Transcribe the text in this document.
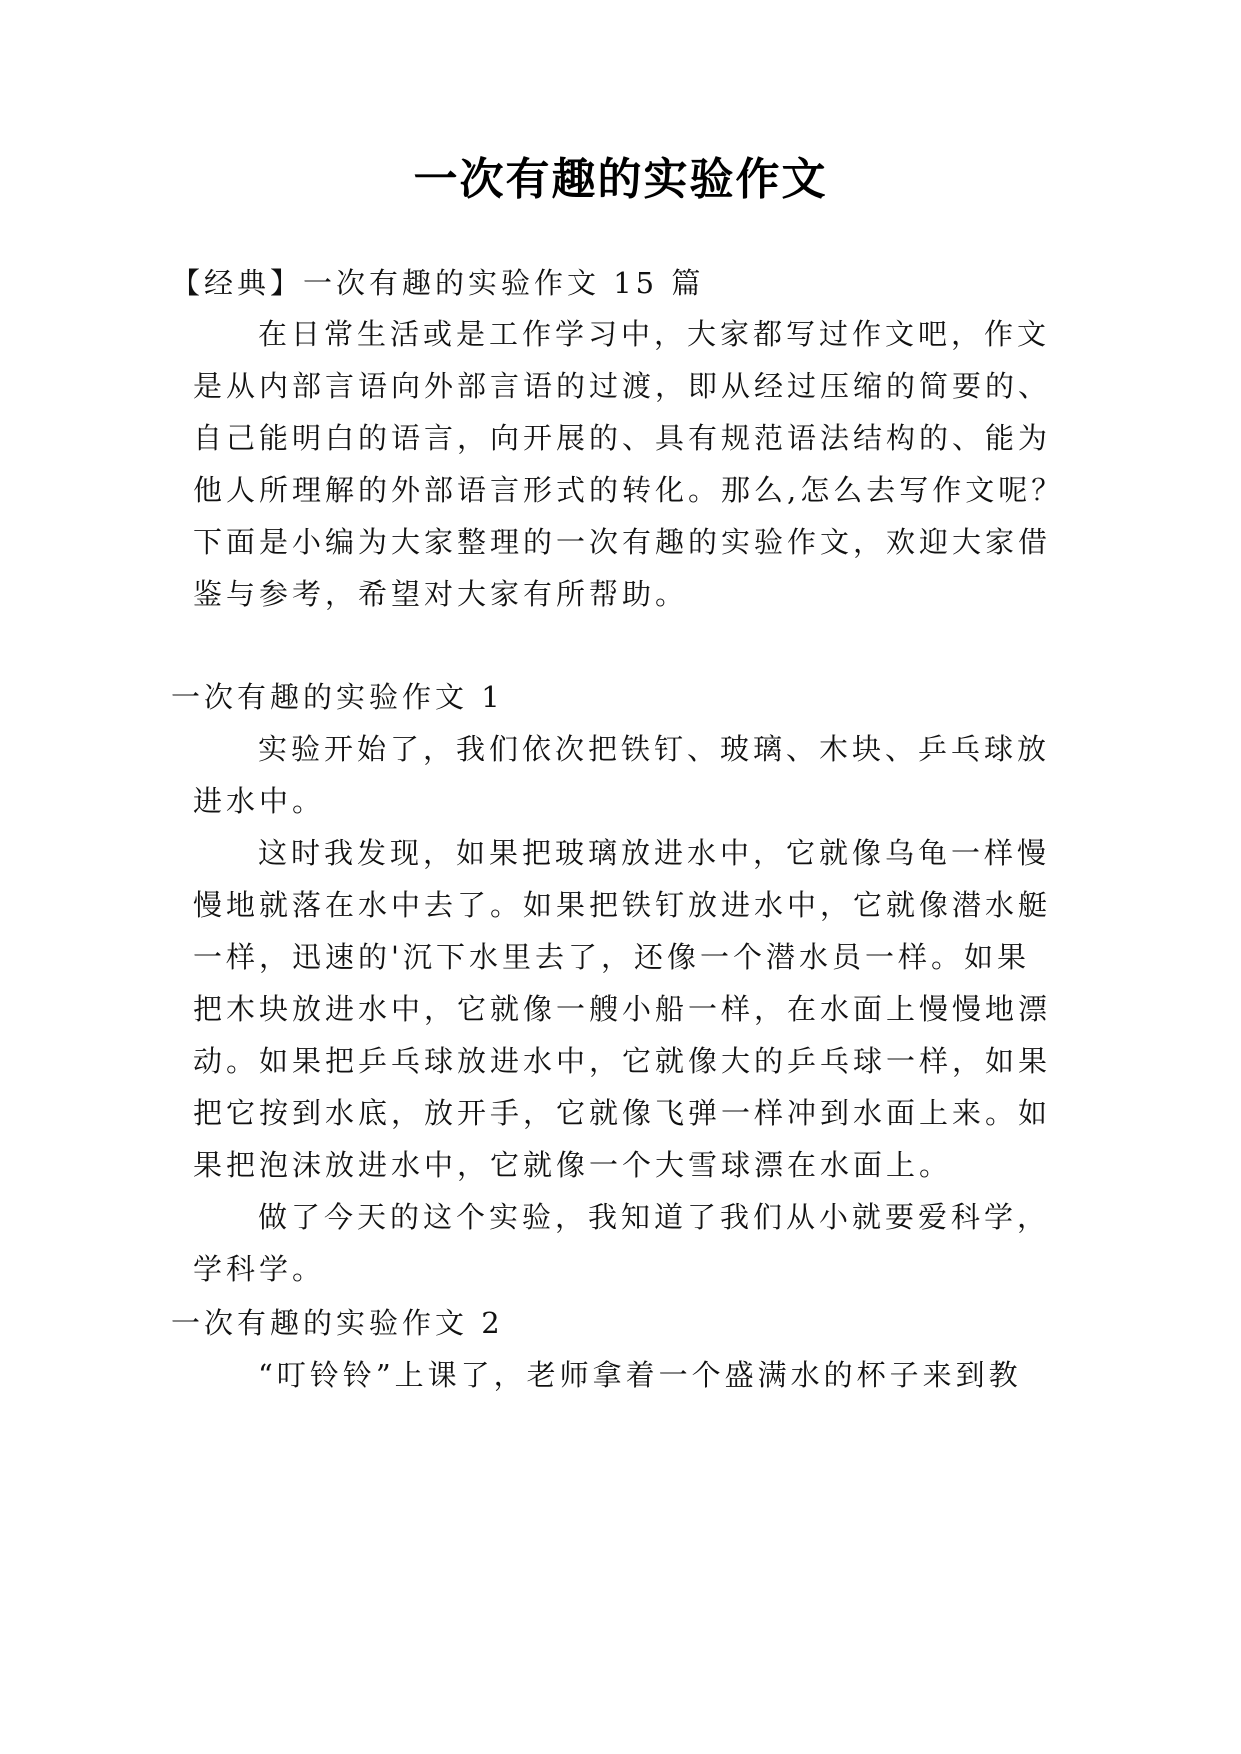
一次有趣的实验作文
【经典】一次有趣的实验作文 15 篇
在日常生活或是工作学习中，大家都写过作文吧，作文
是从内部言语向外部言语的过渡，即从经过压缩的简要的、
自己能明白的语言，向开展的、具有规范语法结构的、能为
他人所理解的外部语言形式的转化。那么,怎么去写作文呢？
下面是小编为大家整理的一次有趣的实验作文，欢迎大家借
鉴与参考，希望对大家有所帮助。
一次有趣的实验作文 1
实验开始了，我们依次把铁钉、玻璃、木块、乒乓球放
进水中。
这时我发现，如果把玻璃放进水中，它就像乌龟一样慢
慢地就落在水中去了。如果把铁钉放进水中，它就像潜水艇
一样，迅速的'沉下水里去了，还像一个潜水员一样。如果
把木块放进水中，它就像一艘小船一样，在水面上慢慢地漂
动。如果把乒乓球放进水中，它就像大的乒乓球一样，如果
把它按到水底，放开手，它就像飞弹一样冲到水面上来。如
果把泡沫放进水中，它就像一个大雪球漂在水面上。
做了今天的这个实验，我知道了我们从小就要爱科学，
学科学。
一次有趣的实验作文 2
“叮铃铃”上课了，老师拿着一个盛满水的杯子来到教
